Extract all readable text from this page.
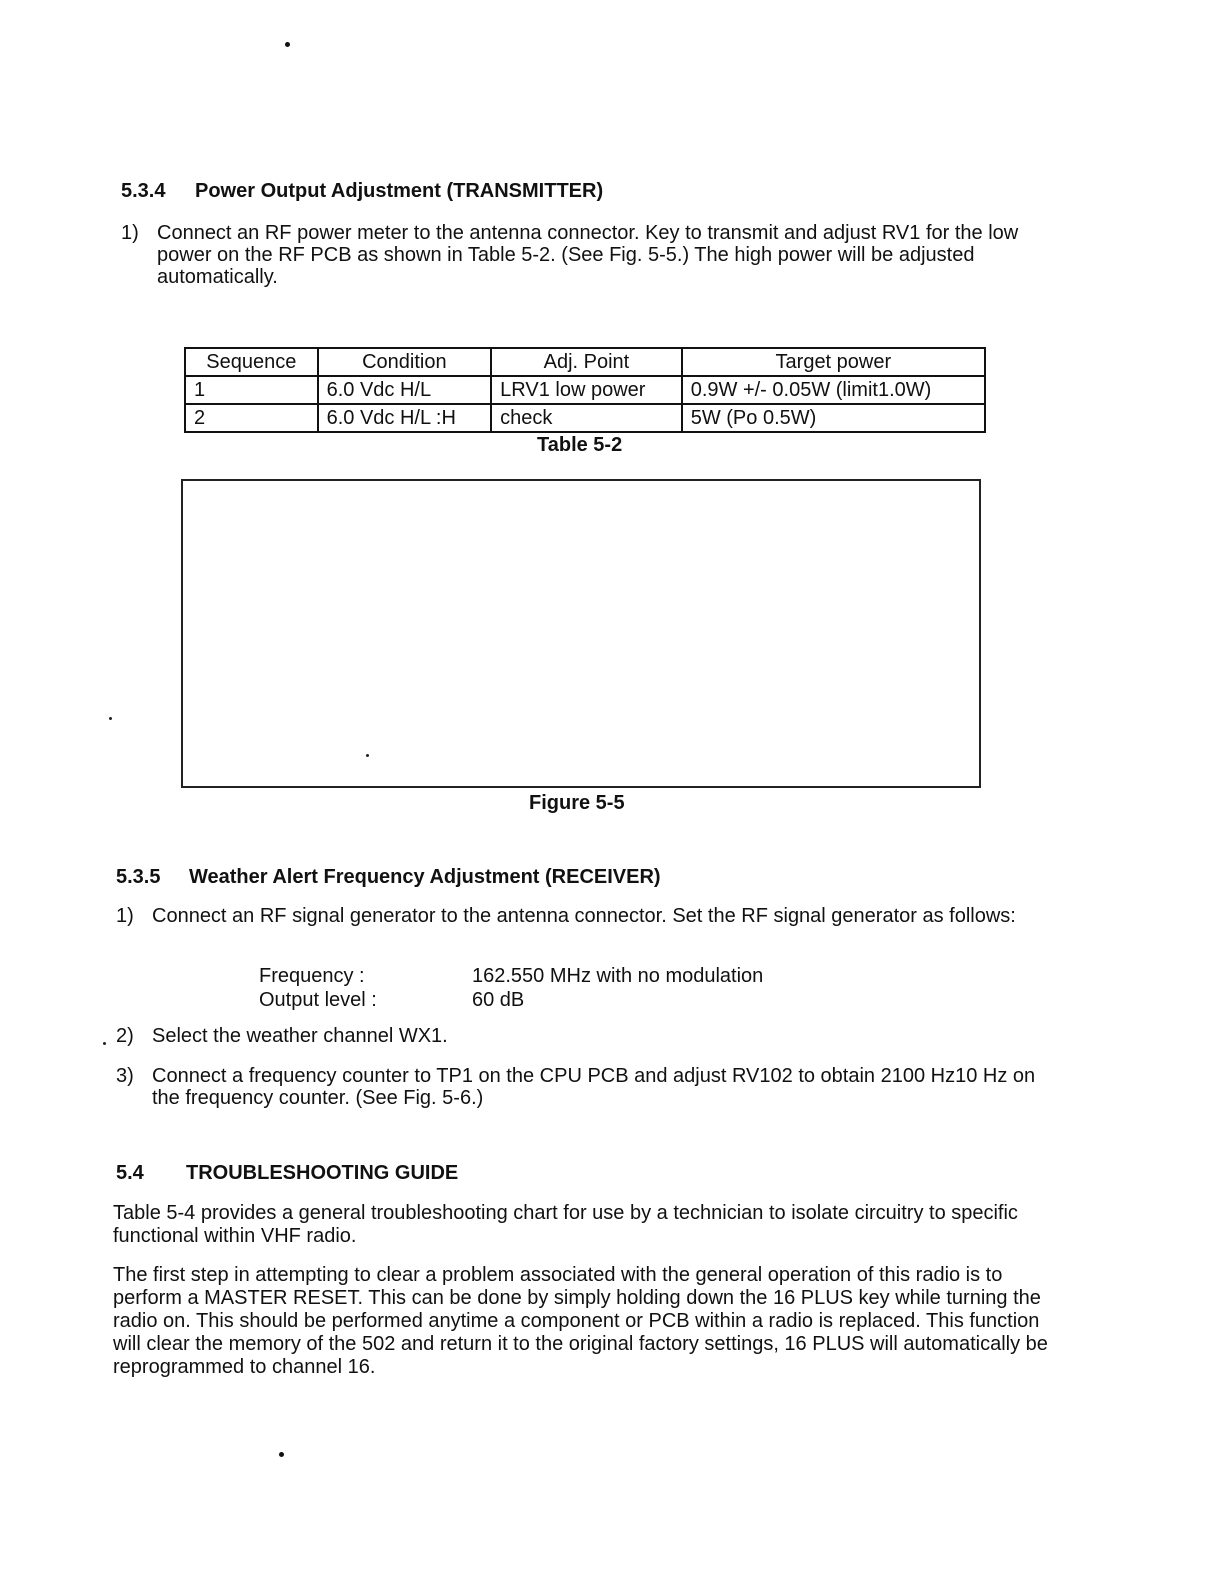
5.3.4 Power Output Adjustment (TRANSMITTER)
1) Connect an RF power meter to the antenna connector. Key to transmit and adjust RV1 for the low power on the RF PCB as shown in Table 5-2. (See Fig. 5-5.) The high power will be adjusted automatically.
Sequence	Condition	Adj. Point	Target power
1	6.0 Vdc H/L	LRV1 low power	0.9W +/- 0.05W (limit1.0W)
2	6.0 Vdc H/L :H	check	5W (Po 0.5W)
Table 5-2
Figure 5-5
5.3.5 Weather Alert Frequency Adjustment (RECEIVER)
1) Connect an RF signal generator to the antenna connector. Set the RF signal generator as follows:
Frequency :	162.550 MHz with no modulation
Output level :	60 dB
2) Select the weather channel WX1.
3) Connect a frequency counter to TP1 on the CPU PCB and adjust RV102 to obtain 2100 Hz10 Hz on the frequency counter. (See Fig. 5-6.)
5.4 TROUBLESHOOTING GUIDE
Table 5-4 provides a general troubleshooting chart for use by a technician to isolate circuitry to specific functional within VHF radio.
The first step in attempting to clear a problem associated with the general operation of this radio is to perform a MASTER RESET. This can be done by simply holding down the 16 PLUS key while turning the radio on. This should be performed anytime a component or PCB within a radio is replaced. This function will clear the memory of the 502 and return it to the original factory settings, 16 PLUS will automatically be reprogrammed to channel 16.
